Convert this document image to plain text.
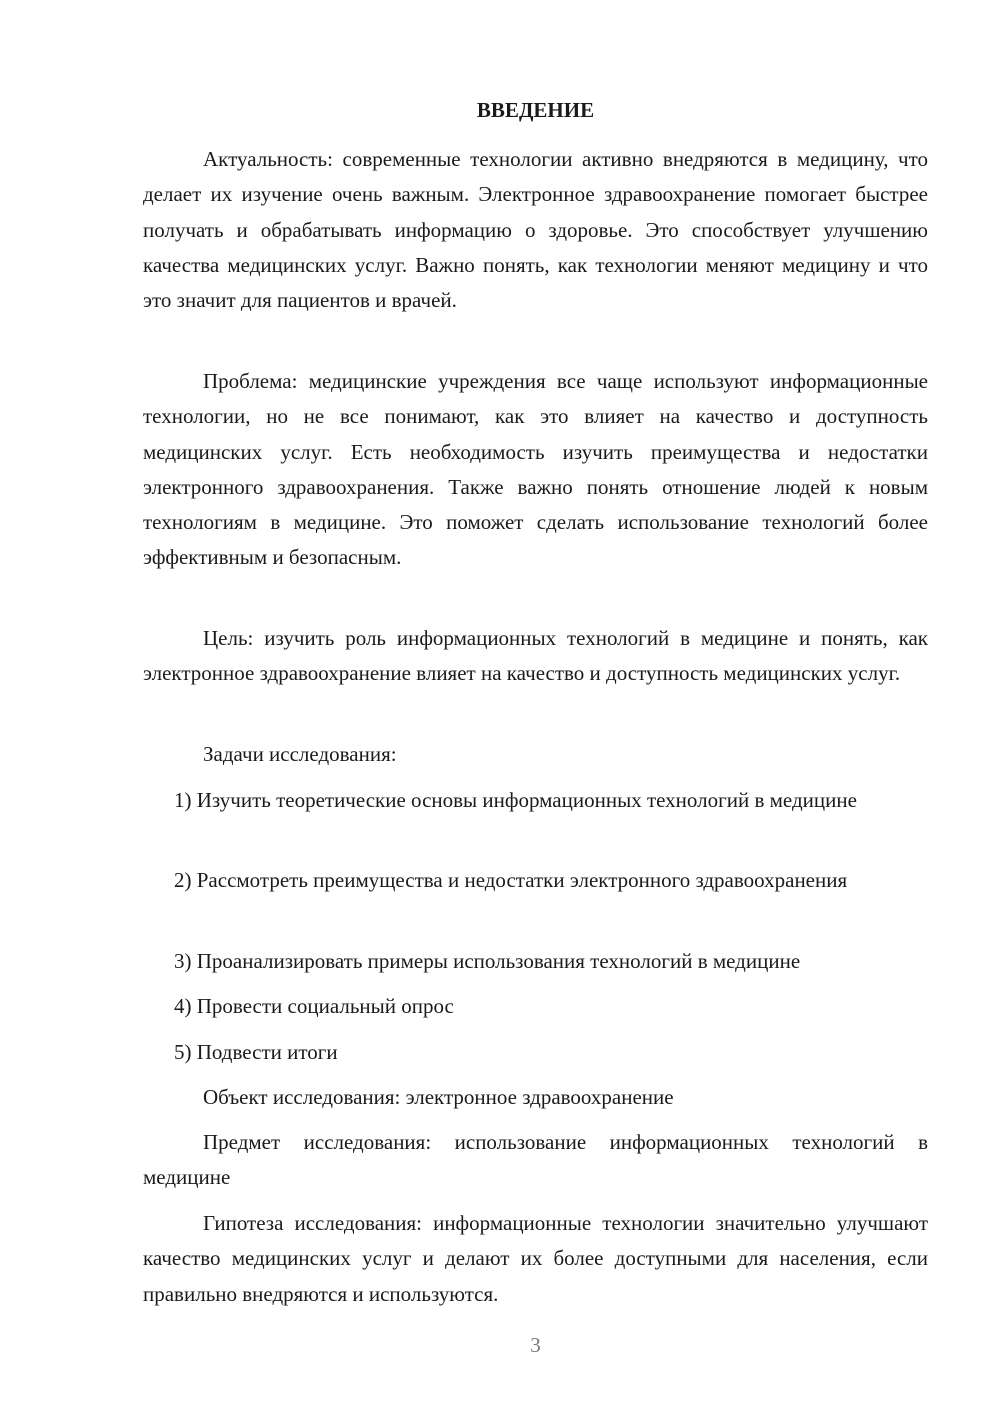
ВВЕДЕНИЕ

Актуальность: современные технологии активно внедряются в медицину, что делает их изучение очень важным. Электронное здравоохранение помогает быстрее получать и обрабатывать информацию о здоровье. Это способствует улучшению качества медицинских услуг. Важно понять, как технологии меняют медицину и что это значит для пациентов и врачей.

Проблема: медицинские учреждения все чаще используют информационные технологии, но не все понимают, как это влияет на качество и доступность медицинских услуг. Есть необходимость изучить преимущества и недостатки электронного здравоохранения. Также важно понять отношение людей к новым технологиям в медицине. Это поможет сделать использование технологий более эффективным и безопасным.

Цель: изучить роль информационных технологий в медицине и понять, как электронное здравоохранение влияет на качество и доступность медицинских услуг.

Задачи исследования:

1) Изучить теоретические основы информационных технологий в медицине

2) Рассмотреть преимущества и недостатки электронного здравоохранения

3) Проанализировать примеры использования технологий в медицине

4) Провести социальный опрос

5) Подвести итоги

Объект исследования: электронное здравоохранение

Предмет исследования: использование информационных технологий в медицине

Гипотеза исследования: информационные технологии значительно улучшают качество медицинских услуг и делают их более доступными для населения, если правильно внедряются и используются.

3
